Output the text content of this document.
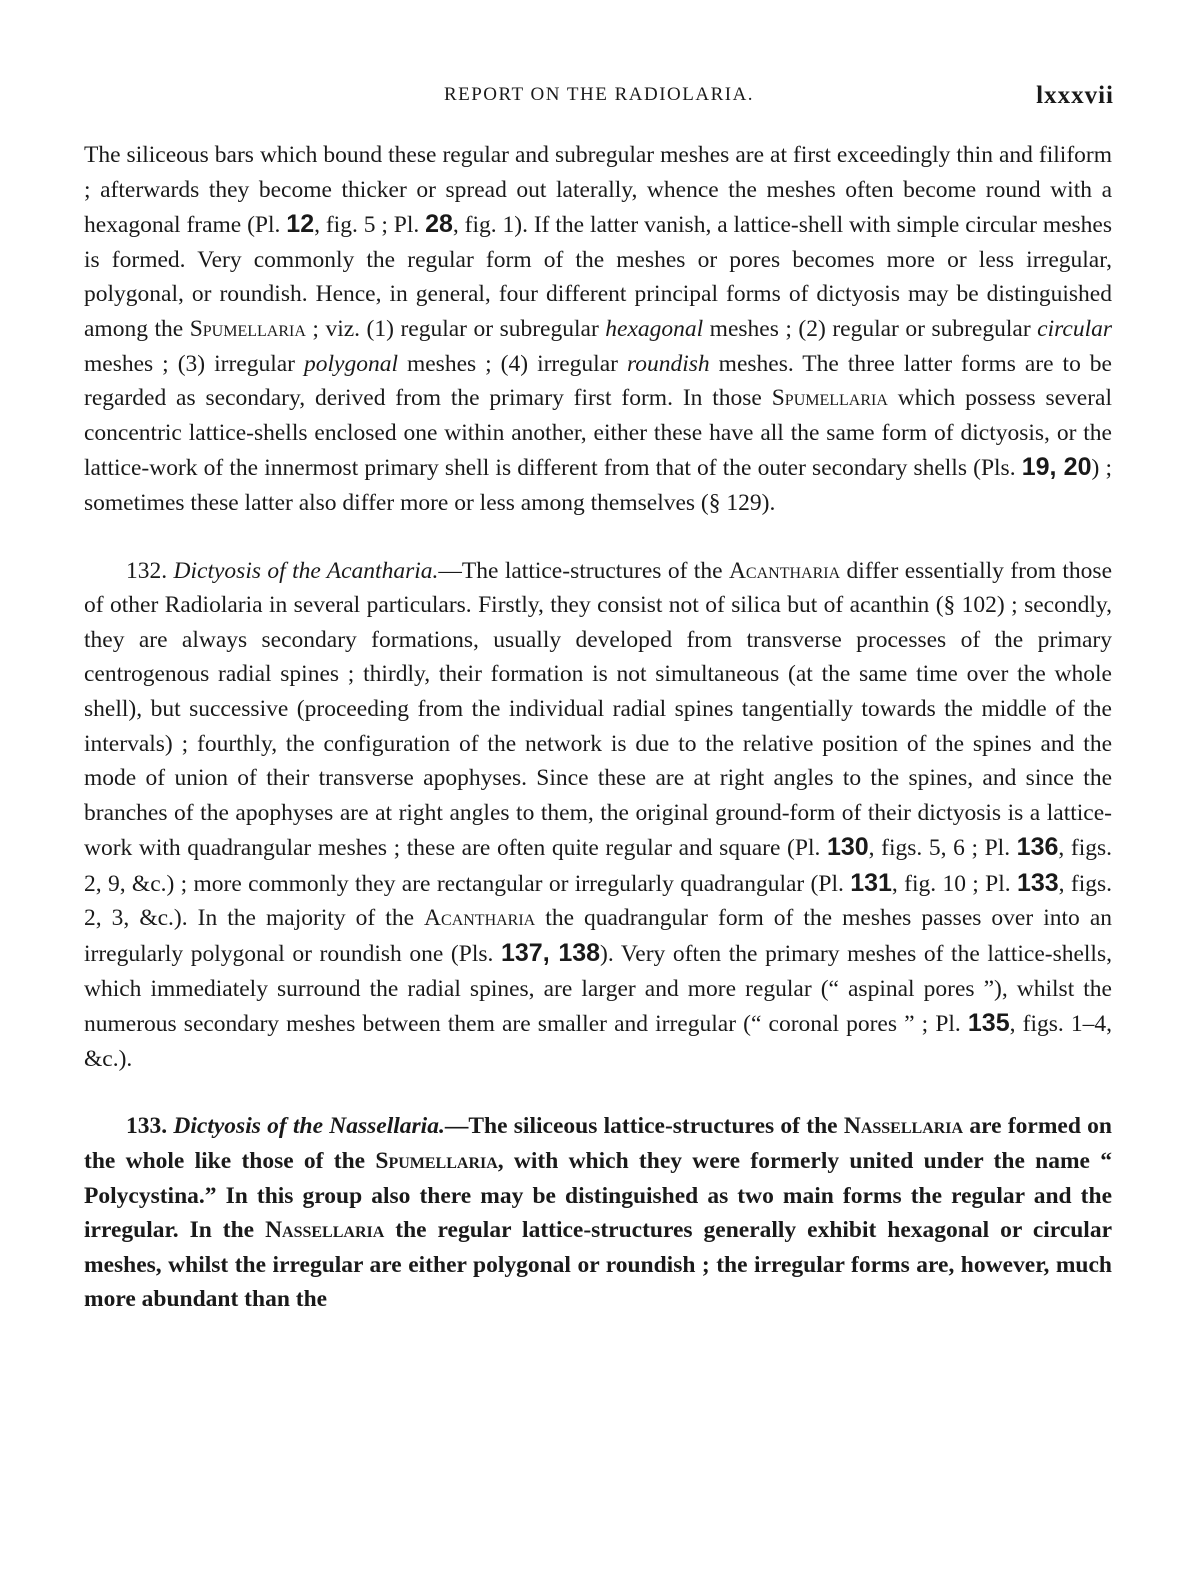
REPORT ON THE RADIOLARIA.	lxxxvii

The siliceous bars which bound these regular and subregular meshes are at first exceedingly thin and filiform ; afterwards they become thicker or spread out laterally, whence the meshes often become round with a hexagonal frame (Pl. 12, fig. 5 ; Pl. 28, fig. 1). If the latter vanish, a lattice-shell with simple circular meshes is formed. Very commonly the regular form of the meshes or pores becomes more or less irregular, polygonal, or roundish. Hence, in general, four different principal forms of dictyosis may be distinguished among the Spumellaria ; viz. (1) regular or subregular hexagonal meshes ; (2) regular or subregular circular meshes ; (3) irregular polygonal meshes ; (4) irregular roundish meshes. The three latter forms are to be regarded as secondary, derived from the primary first form. In those Spumellaria which possess several concentric lattice-shells enclosed one within another, either these have all the same form of dictyosis, or the lattice-work of the innermost primary shell is different from that of the outer secondary shells (Pls. 19, 20) ; sometimes these latter also differ more or less among themselves (§ 129).

132. Dictyosis of the Acantharia.—The lattice-structures of the Acantharia differ essentially from those of other Radiolaria in several particulars. Firstly, they consist not of silica but of acanthin (§ 102) ; secondly, they are always secondary formations, usually developed from transverse processes of the primary centrogenous radial spines ; thirdly, their formation is not simultaneous (at the same time over the whole shell), but successive (proceeding from the individual radial spines tangentially towards the middle of the intervals) ; fourthly, the configuration of the network is due to the relative position of the spines and the mode of union of their transverse apophyses. Since these are at right angles to the spines, and since the branches of the apophyses are at right angles to them, the original ground-form of their dictyosis is a lattice-work with quadrangular meshes ; these are often quite regular and square (Pl. 130, figs. 5, 6 ; Pl. 136, figs. 2, 9, &c.) ; more commonly they are rectangular or irregularly quadrangular (Pl. 131, fig. 10 ; Pl. 133, figs. 2, 3, &c.). In the majority of the Acantharia the quadrangular form of the meshes passes over into an irregularly polygonal or roundish one (Pls. 137, 138). Very often the primary meshes of the lattice-shells, which immediately surround the radial spines, are larger and more regular (“ aspinal pores ”), whilst the numerous secondary meshes between them are smaller and irregular (“ coronal pores ” ; Pl. 135, figs. 1–4, &c.).

133. Dictyosis of the Nassellaria.—The siliceous lattice-structures of the Nassellaria are formed on the whole like those of the Spumellaria, with which they were formerly united under the name “ Polycystina.” In this group also there may be distinguished as two main forms the regular and the irregular. In the Nassellaria the regular lattice-structures generally exhibit hexagonal or circular meshes, whilst the irregular are either polygonal or roundish ; the irregular forms are, however, much more abundant than the
